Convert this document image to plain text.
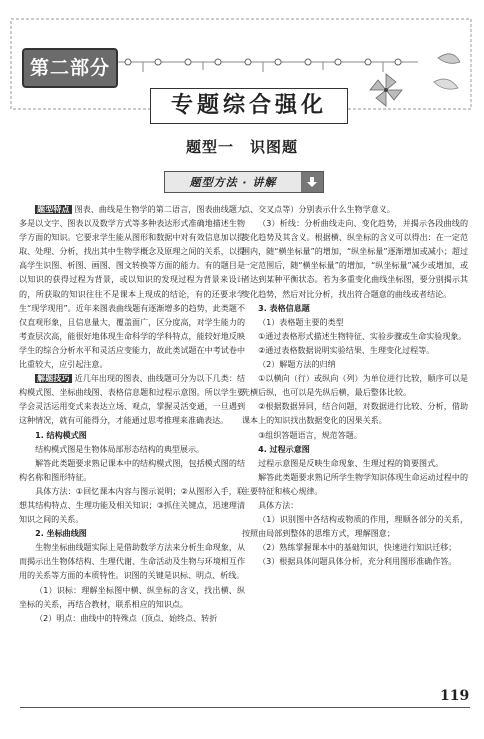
第二部分
专题综合强化
题型一　识图题
题型方法 · 讲解

题型特点 图表、曲线是生物学的第二语言，图表曲线题大多是以文字、图表以及数学方式等多种表达形式准确地描述生物学方面的知识。它要求学生能从图形和数据中对有效信息加以提取、处理、分析，找出其中生物学概念及原理之间的关系，以提高学生识图、析图、画图、图文转换等方面的能力。有的题目是以知识的获得过程为背景，或以知识的发现过程为背景来设计的，所获取的知识往往不是课本上现成的结论，有的还要求学生“现学现用”。近年来图表曲线题有逐渐增多的趋势，此类题不仅直观形象，且信息量大，覆盖面广，区分度高，对学生能力的考查层次高，能很好地体现生命科学的学科特点，能较好地反映学生的综合分析水平和灵活应变能力，故此类试题在中考试卷中比重较大，应引起注意。

解题技巧 近几年出现的图表、曲线题可分为以下几类：结构模式图、坐标曲线图、表格信息题和过程示意图。所以学生要学会灵活运用变式来表达立场、观点，掌握灵活变通，一旦遇到这种情况，就有可能得分，才能通过思考推理来准确表达。

1. 结构模式图

结构模式图是生物体局部形态结构的典型展示。

解答此类题要求熟记课本中的结构模式图，包括模式图的结构名称和图形特征。

具体方法：①回忆课本内容与图示说明；②从图形入手，联想其结构特点、生理功能及相关知识；③抓住关键点，迅速理清知识之间的关系。

2. 坐标曲线图

生物坐标曲线题实际上是借助数学方法来分析生命现象，从而揭示出生物体结构、生理代谢、生命活动及生物与环境相互作用的关系等方面的本质特性。识图的关键是识标、明点、析线。

（1）识标：理解坐标图中横、纵坐标的含义，找出横、纵坐标的关系，再结合教材，联系相应的知识点。

（2）明点：曲线中的特殊点（顶点、始终点、转折

点、交叉点等）分别表示什么生物学意义。

（3）析线：分析曲线走向、变化趋势，并揭示各段曲线的变化趋势及其含义。根据横、纵坐标的含义可以得出：在一定范围内，随“横坐标量”的增加，“纵坐标量”逐渐增加或减小；超过一定范围后，随“横坐标量”的增加，“纵坐标量”减少或增加，或者达到某种平衡状态。若为多重变化曲线坐标图，要分别揭示其变化趋势，然后对比分析，找出符合题意的曲线或者结论。

3. 表格信息题

（1）表格题主要的类型

①通过表格形式描述生物特征、实验步骤或生命实验现象。

②通过表格数据说明实验结果、生理变化过程等。

（2）解题方法的归纳

①以横向（行）或纵向（列）为单位进行比较，顺序可以是先横后纵，也可以是先纵后横，最后整体比较。

②根据数据异同，结合问题，对数据进行比较、分析，借助课本上的知识找出数据变化的因果关系。

③组织答题语言，规范答题。

4. 过程示意图

过程示意图是反映生命现象、生理过程的简要图式。

解答此类题要求熟记所学生物学知识体现生命运动过程中的主要特征和核心规律。

具体方法：

（1）识别图中各结构或物质的作用，理顺各部分的关系，按照由局部到整体的思维方式，理解图意；

（2）熟练掌握课本中的基础知识，快速进行知识迁移；

（3）根据具体问题具体分析，充分利用图形准确作答。

119
